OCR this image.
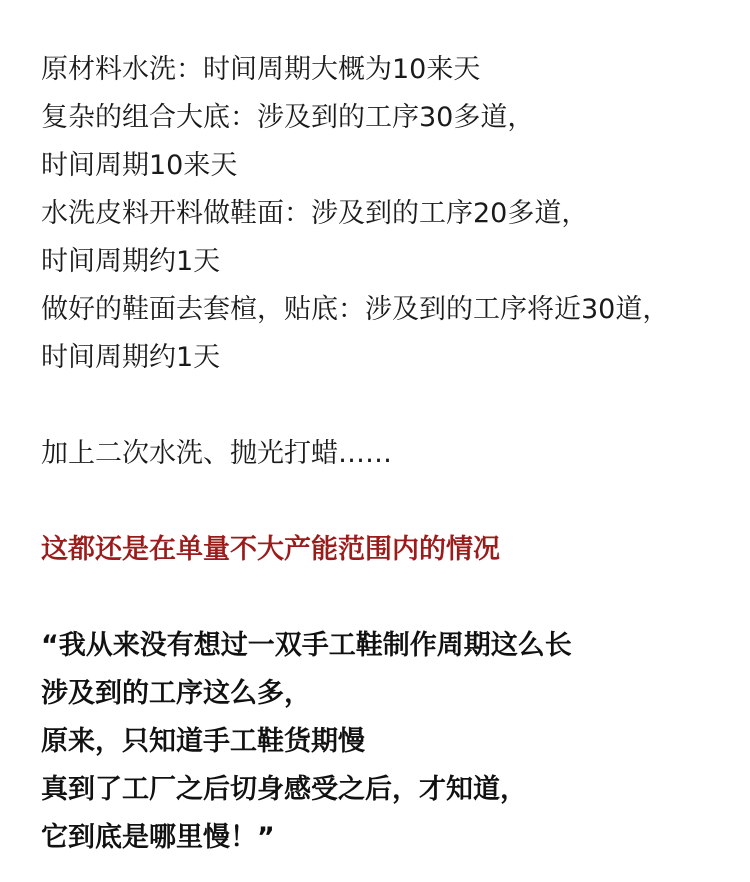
原材料水洗：时间周期大概为10来天
复杂的组合大底：涉及到的工序30多道，
时间周期10来天
水洗皮料开料做鞋面：涉及到的工序20多道，
时间周期约1天
做好的鞋面去套楦，贴底：涉及到的工序将近30道，
时间周期约1天
加上二次水洗、抛光打蜡……
这都还是在单量不大产能范围内的情况
“我从来没有想过一双手工鞋制作周期这么长
涉及到的工序这么多，
原来，只知道手工鞋货期慢
真到了工厂之后切身感受之后，才知道，
它到底是哪里慢！”
